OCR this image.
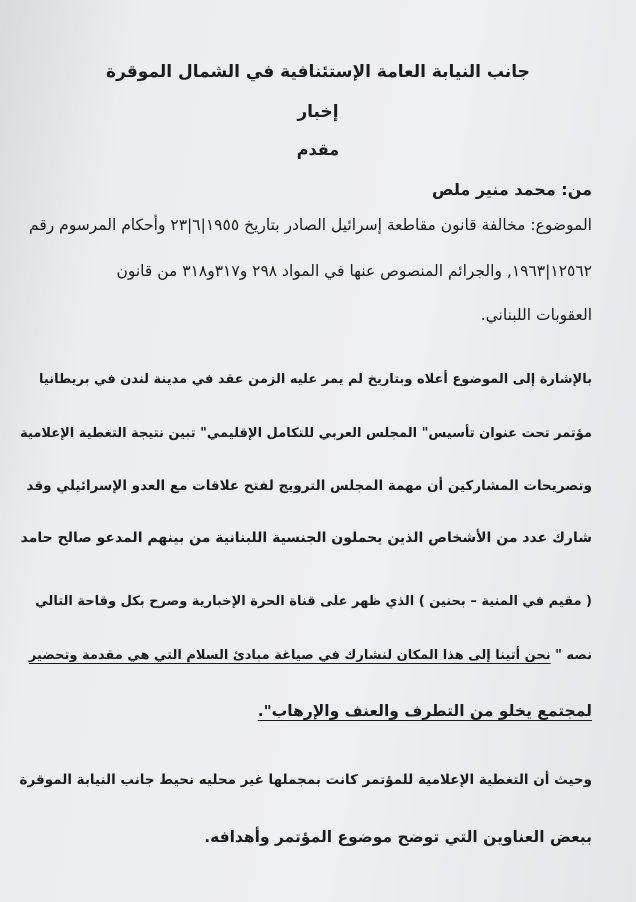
جانب النيابة العامة الإستئنافية في الشمال الموقرة
إخبار
مقدم
من: محمد منير ملص
الموضوع: مخالفة قانون مقاطعة إسرائيل الصادر بتاريخ ١٩٥٥|٦|٢٣ وأحكام المرسوم رقم
١٢٥٦٢|١٩٦٣, والجرائم المنصوص عنها في المواد ٢٩٨ و٣١٧و٣١٨ من قانون
العقوبات اللبناني.
بالإشارة إلى الموضوع أعلاه وبتاريخ لم يمر عليه الزمن عقد في مدينة لندن في بريطانيا
مؤتمر تحت عنوان تأسيس" المجلس العربي للتكامل الإقليمي" تبين نتيجة التغطية الإعلامية
وتصريحات المشاركين أن مهمة المجلس الترويج لفتح علاقات مع العدو الإسرائيلي وقد
شارك عدد من الأشخاص الذين يحملون الجنسية اللبنانية من بينهم المدعو صالح حامد
( مقيم في المنية – بحنين ) الذي ظهر على قناة الحرة الإخبارية وصرح بكل وقاحة التالي
نصه " نحن أتينا إلى هذا المكان لنشارك في صياغة مبادئ السلام التي هي مقدمة وتحضير
لمجتمع يخلو من التطرف والعنف والإرهاب".
وحيث أن التغطية الإعلامية للمؤتمر كانت بمجملها غير محليه نحيط جانب النيابة الموقرة
ببعض العناوين التي توضح موضوع المؤتمر وأهدافه.
